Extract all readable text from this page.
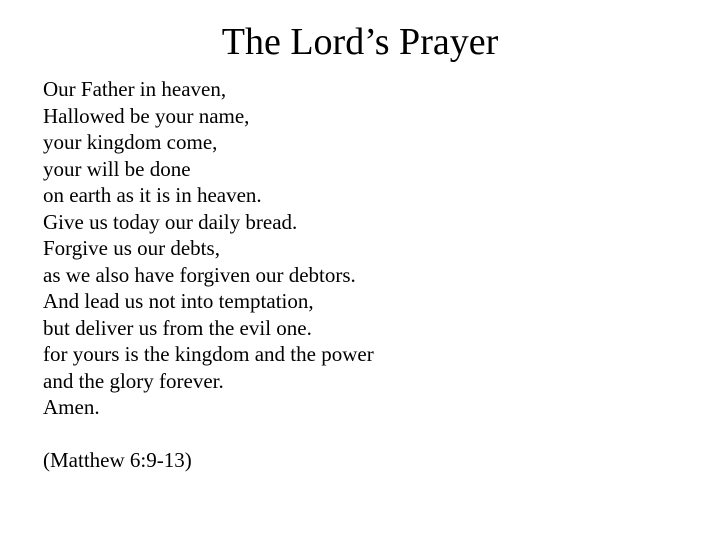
The Lord’s Prayer
Our Father in heaven,
Hallowed be your name,
your kingdom come,
your will be done
on earth as it is in heaven.
Give us today our daily bread.
Forgive us our debts,
as we also have forgiven our debtors.
And lead us not into temptation,
but deliver us from the evil one.
for yours is the kingdom and the power
and the glory forever.
Amen.
(Matthew 6:9-13)
